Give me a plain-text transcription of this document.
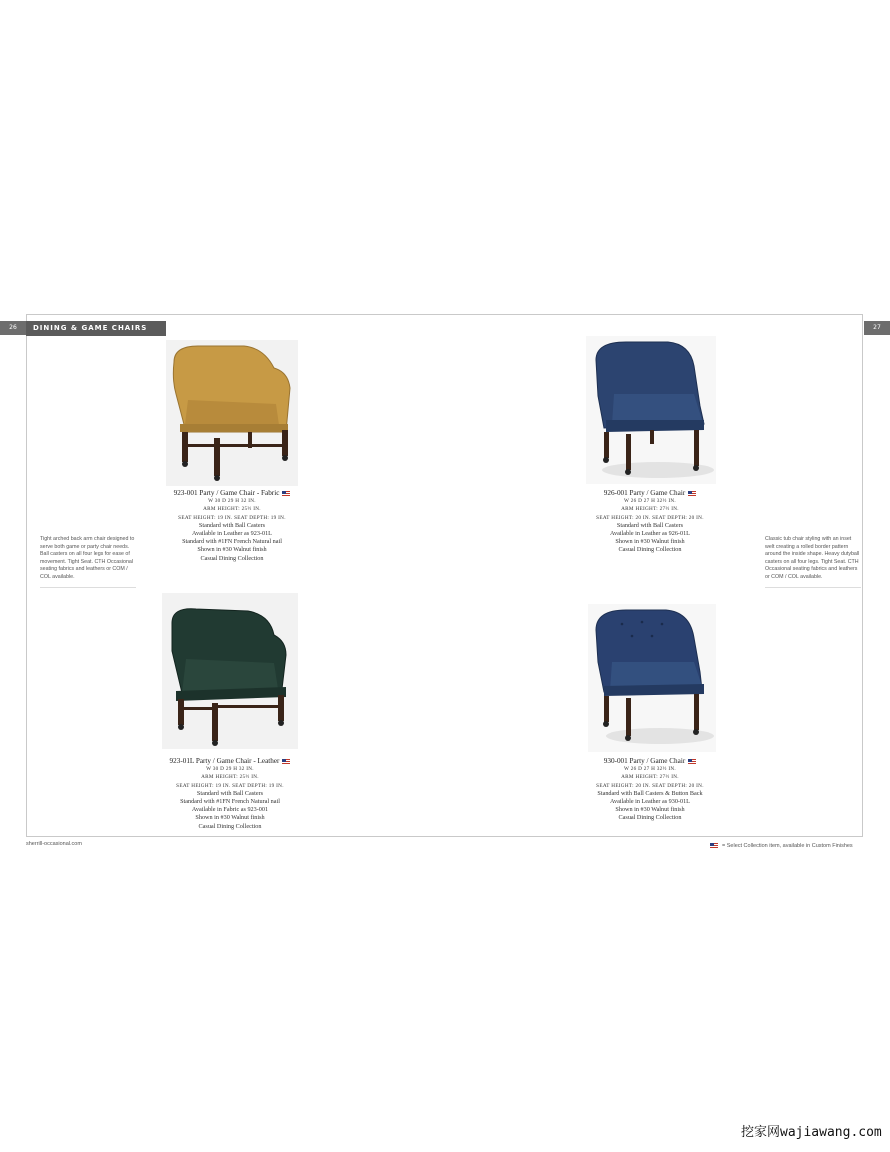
26	27
DINING & GAME CHAIRS
923-001 Party / Game Chair - Fabric
W 30 D 29 H 32 IN.
ARM HEIGHT: 25½ IN.
SEAT HEIGHT: 19 IN. SEAT DEPTH: 19 IN.
Standard with Ball Casters
Available in Leather as 923-01L
Standard with #1FN French Natural nail
Shown in #30 Walnut finish
Casual Dining Collection
926-001 Party / Game Chair
W 26 D 27 H 32½ IN.
ARM HEIGHT: 27½ IN.
SEAT HEIGHT: 20 IN. SEAT DEPTH: 20 IN.
Standard with Ball Casters
Available in Leather as 926-01L
Shown in #30 Walnut finish
Casual Dining Collection
923-01L Party / Game Chair - Leather
W 30 D 29 H 32 IN.
ARM HEIGHT: 25½ IN.
SEAT HEIGHT: 19 IN. SEAT DEPTH: 19 IN.
Standard with Ball Casters
Standard with #1FN French Natural nail
Available in Fabric as 923-001
Shown in #30 Walnut finish
Casual Dining Collection
930-001 Party / Game Chair
W 26 D 27 H 32½ IN.
ARM HEIGHT: 27½ IN.
SEAT HEIGHT: 20 IN. SEAT DEPTH: 20 IN.
Standard with Ball Casters & Button Back
Available in Leather as 930-01L
Shown in #30 Walnut finish
Casual Dining Collection
Tight arched back arm chair designed to serve both game or party chair needs. Ball casters on all four legs for ease of movement. Tight Seat. CTH Occasional seating fabrics and leathers or COM / COL available.
Classic tub chair styling with an inset welt creating a rolled border pattern around the inside shape. Heavy dutyball casters on all four legs. Tight Seat. CTH Occasional seating fabrics and leathers or COM / COL available.
sherrill-occasional.com	= Select Collection item, available in Custom Finishes
挖家网wajiawang.com
